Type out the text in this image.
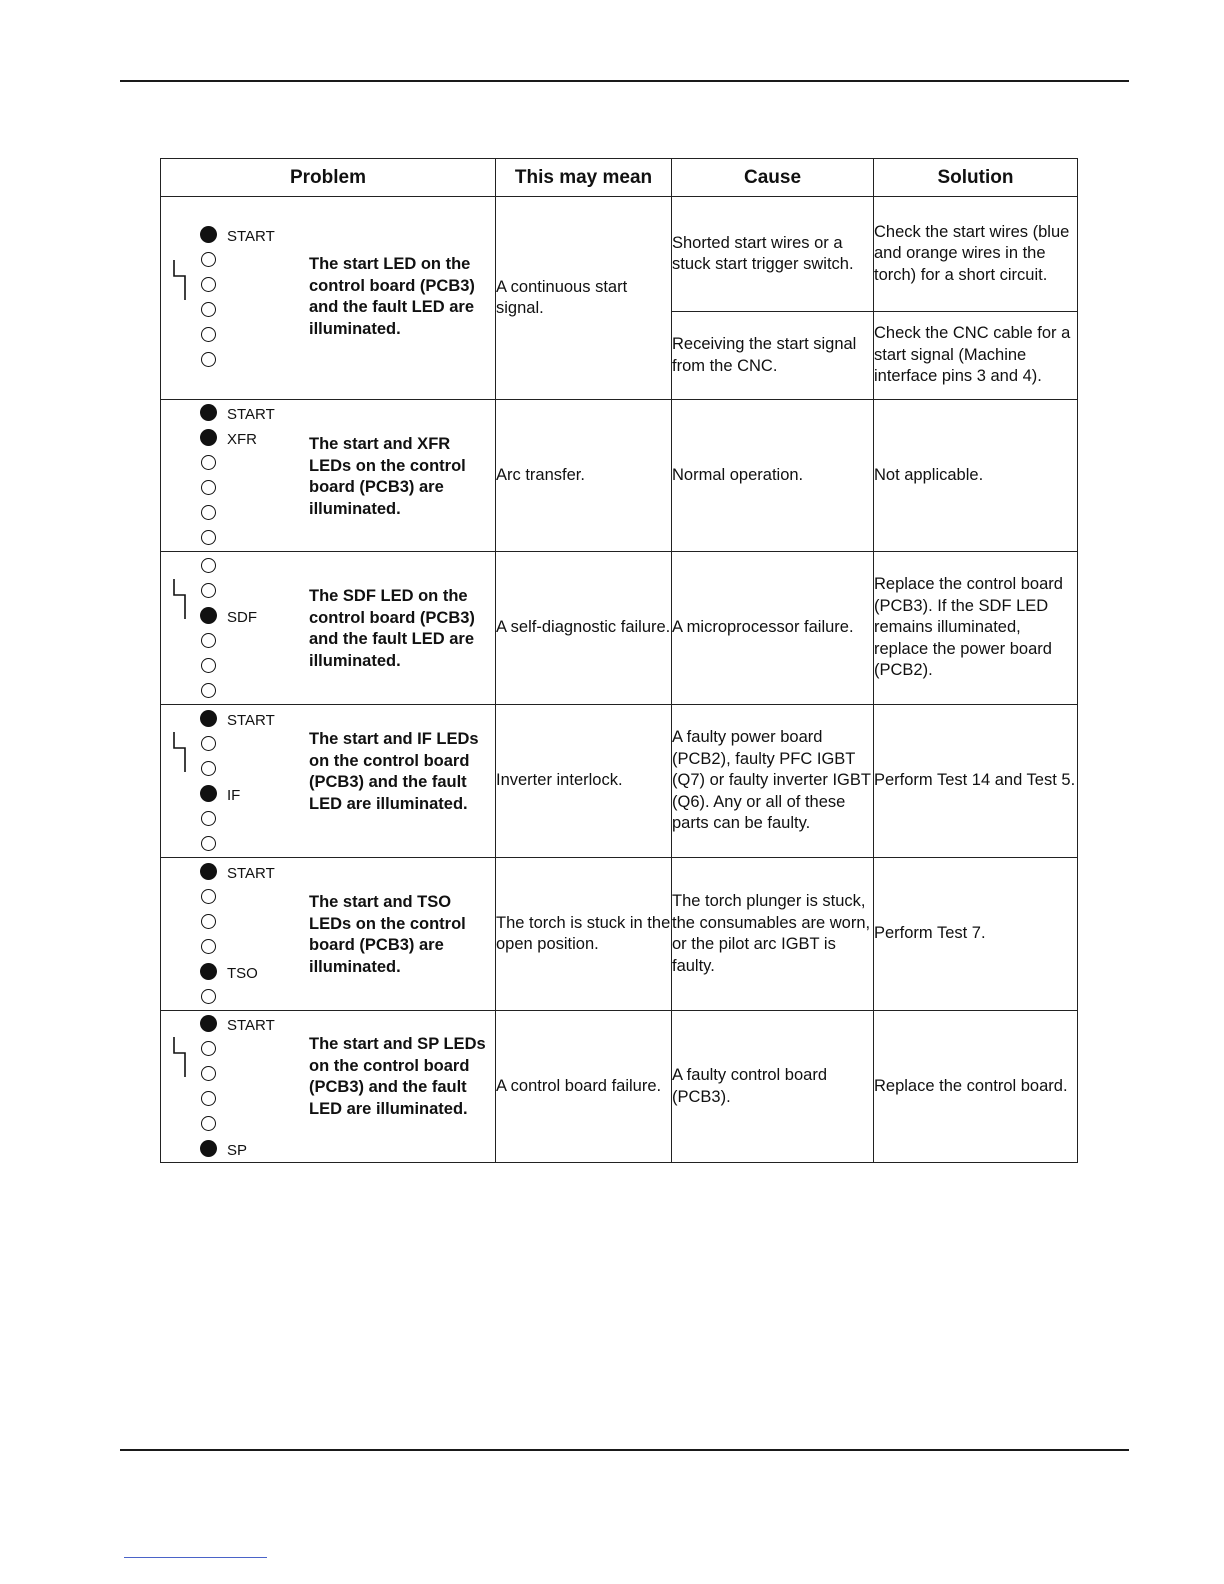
Problem	This may mean	Cause	Solution

START
The start LED on the control board (PCB3) and the fault LED are illuminated.	A continuous start signal.	Shorted start wires or a stuck start trigger switch.	Check the start wires (blue and orange wires in the torch) for a short circuit.
		Receiving the start signal from the CNC.	Check the CNC cable for a start signal (Machine interface pins 3 and 4).

START
XFR The start and XFR LEDs on the control board (PCB3) are illuminated.	Arc transfer.	Normal operation.	Not applicable.

SDF
The SDF LED on the control board (PCB3) and the fault LED are illuminated.	A self-diagnostic failure.	A microprocessor failure.	Replace the control board (PCB3). If the SDF LED remains illuminated, replace the power board (PCB2).

START
IF
The start and IF LEDs on the control board (PCB3) and the fault LED are illuminated.	Inverter interlock.	A faulty power board (PCB2), faulty PFC IGBT (Q7) or faulty inverter IGBT (Q6). Any or all of these parts can be faulty.	Perform Test 14 and Test 5.

START
TSO
The start and TSO LEDs on the control board (PCB3) are illuminated.	The torch is stuck in the open position.	The torch plunger is stuck, the consumables are worn, or the pilot arc IGBT is faulty.	Perform Test 7.

START
SP
The start and SP LEDs on the control board (PCB3) and the fault LED are illuminated.	A control board failure.	A faulty control board (PCB3).	Replace the control board.
